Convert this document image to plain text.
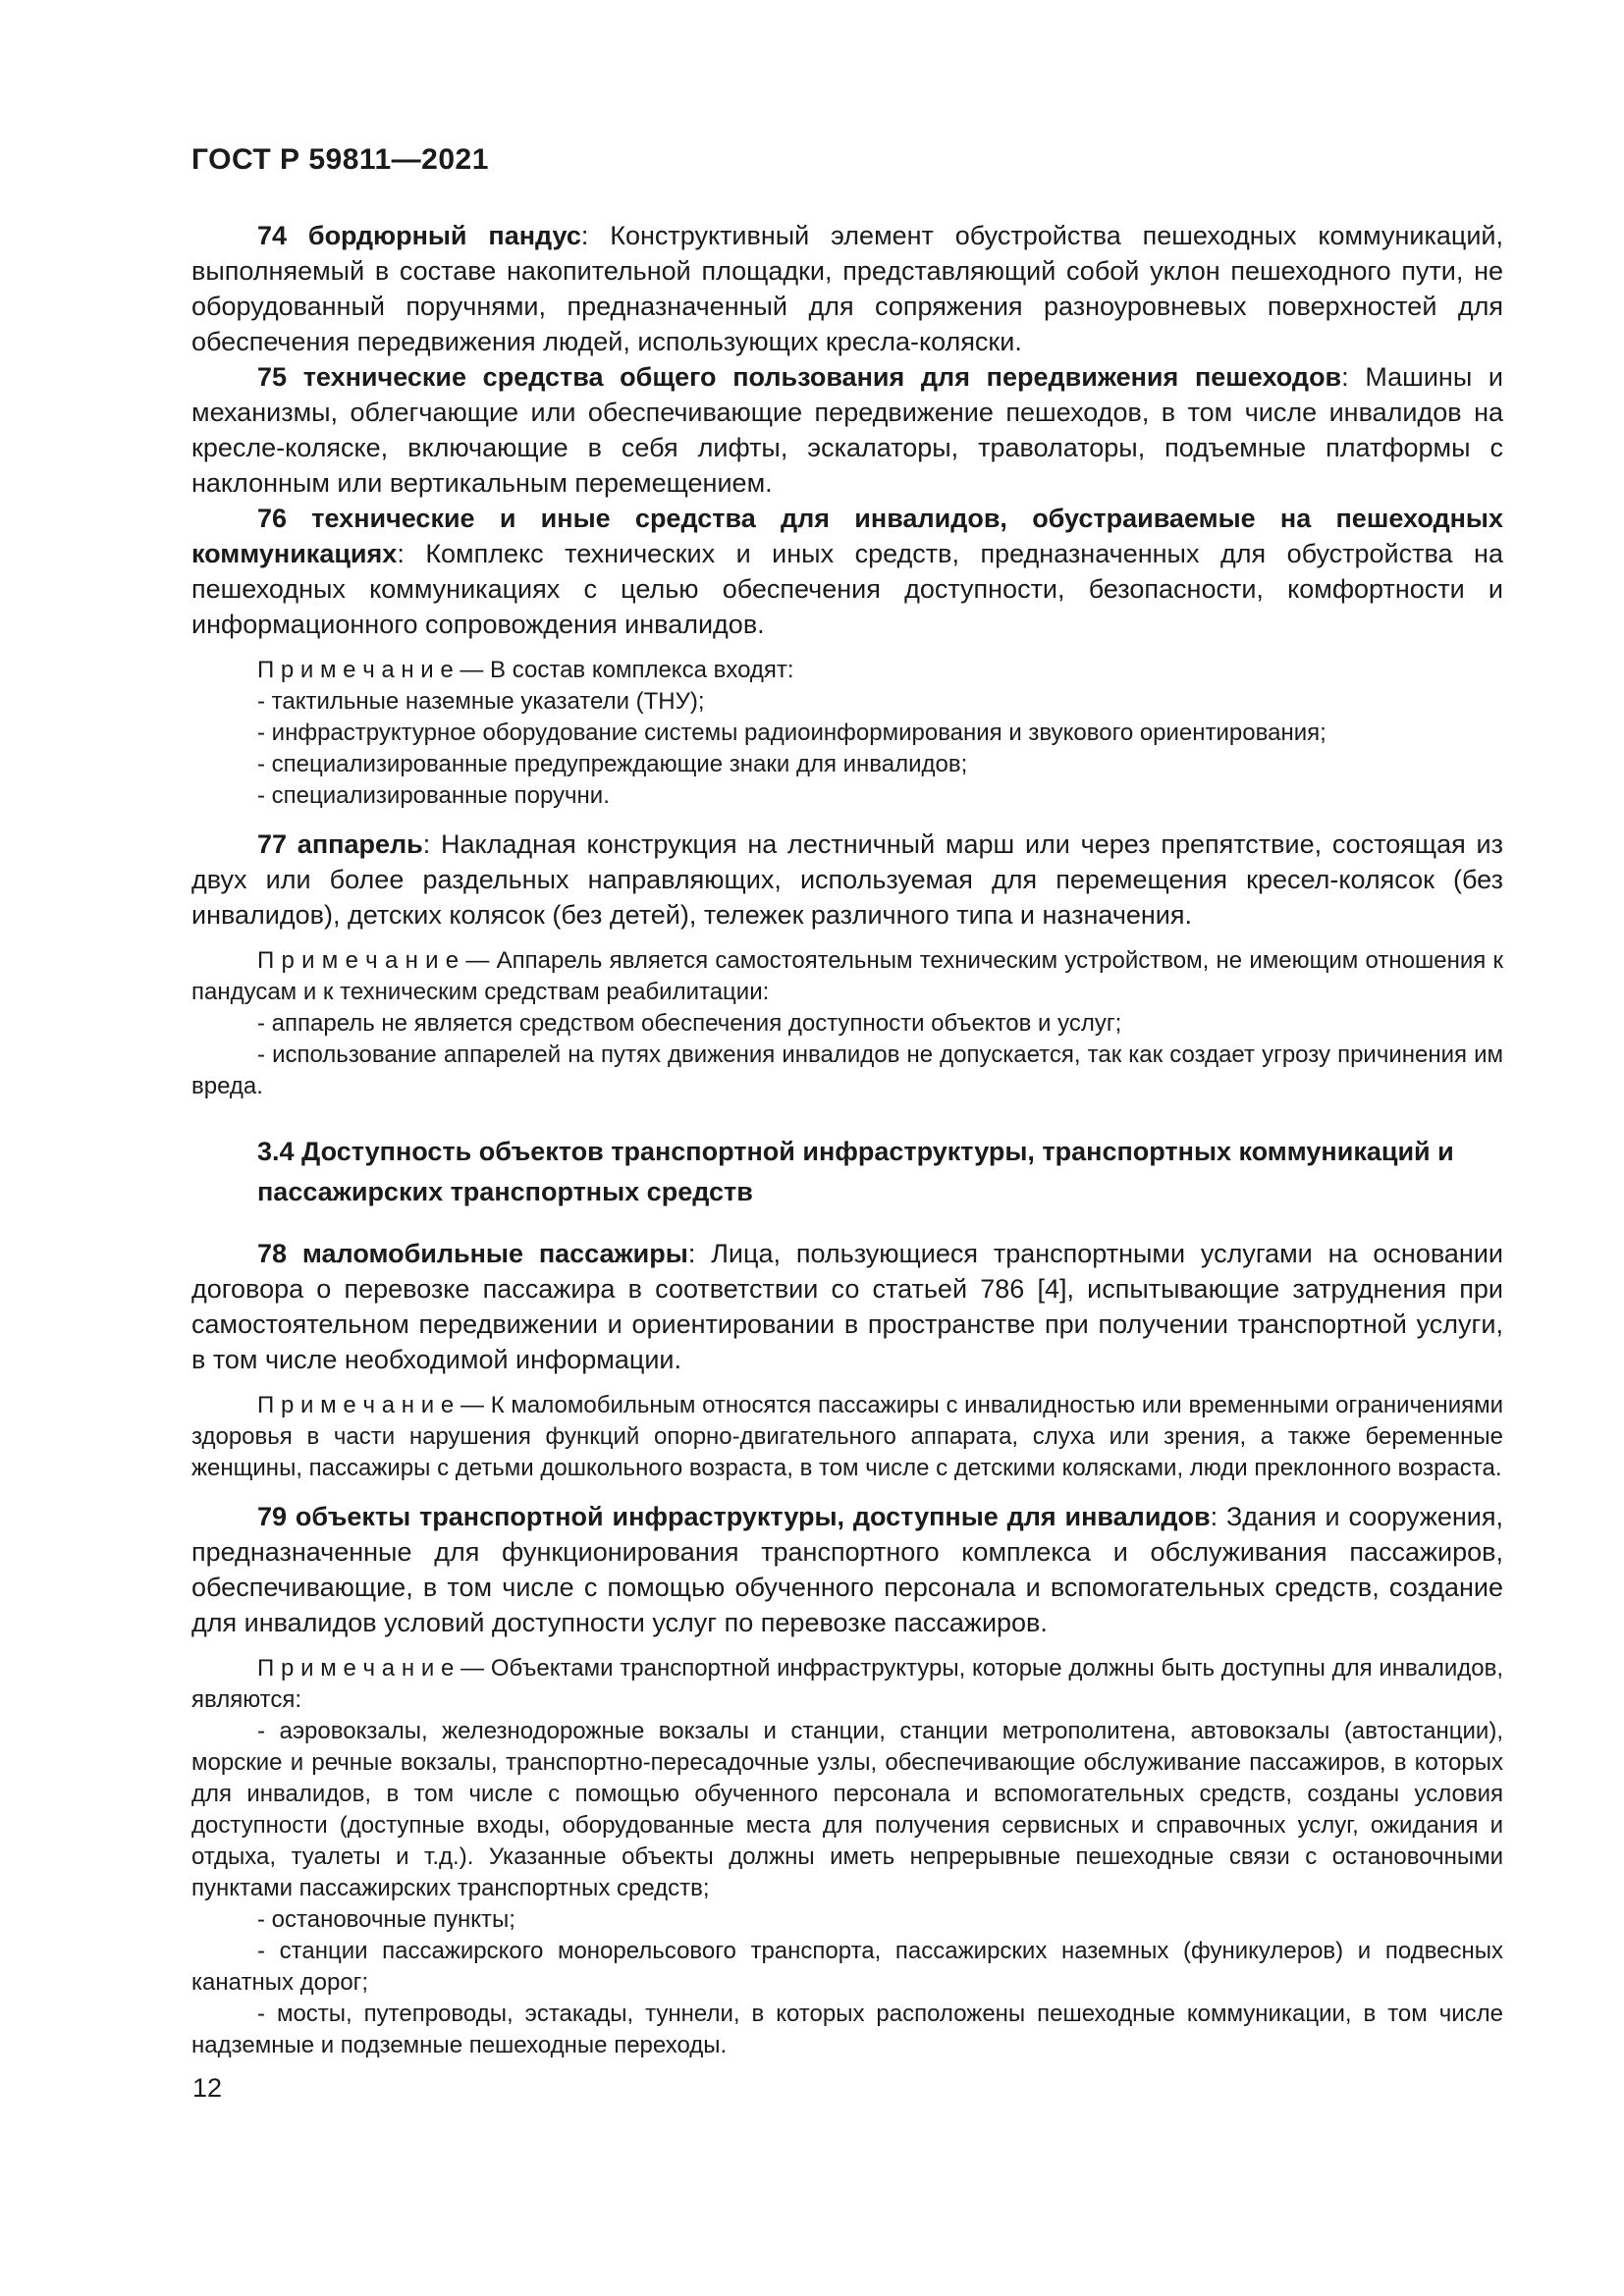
ГОСТ Р 59811—2021

74 бордюрный пандус: Конструктивный элемент обустройства пешеходных коммуникаций, выполняемый в составе накопительной площадки, представляющий собой уклон пешеходного пути, не оборудованный поручнями, предназначенный для сопряжения разноуровневых поверхностей для обеспечения передвижения людей, использующих кресла-коляски.

75 технические средства общего пользования для передвижения пешеходов: Машины и механизмы, облегчающие или обеспечивающие передвижение пешеходов, в том числе инвалидов на кресле-коляске, включающие в себя лифты, эскалаторы, траволаторы, подъемные платформы с наклонным или вертикальным перемещением.

76 технические и иные средства для инвалидов, обустраиваемые на пешеходных коммуникациях: Комплекс технических и иных средств, предназначенных для обустройства на пешеходных коммуникациях с целью обеспечения доступности, безопасности, комфортности и информационного сопровождения инвалидов.

П р и м е ч а н и е — В состав комплекса входят:

- тактильные наземные указатели (ТНУ);

- инфраструктурное оборудование системы радиоинформирования и звукового ориентирования;

- специализированные предупреждающие знаки для инвалидов;

- специализированные поручни.

77 аппарель: Накладная конструкция на лестничный марш или через препятствие, состоящая из двух или более раздельных направляющих, используемая для перемещения кресел-колясок (без инвалидов), детских колясок (без детей), тележек различного типа и назначения.

П р и м е ч а н и е — Аппарель является самостоятельным техническим устройством, не имеющим отношения к пандусам и к техническим средствам реабилитации:

- аппарель не является средством обеспечения доступности объектов и услуг;

- использование аппарелей на путях движения инвалидов не допускается, так как создает угрозу причинения им вреда.

3.4 Доступность объектов транспортной инфраструктуры, транспортных коммуникаций и пассажирских транспортных средств

78 маломобильные пассажиры: Лица, пользующиеся транспортными услугами на основании договора о перевозке пассажира в соответствии со статьей 786 [4], испытывающие затруднения при самостоятельном передвижении и ориентировании в пространстве при получении транспортной услуги, в том числе необходимой информации.

П р и м е ч а н и е — К маломобильным относятся пассажиры с инвалидностью или временными ограничениями здоровья в части нарушения функций опорно-двигательного аппарата, слуха или зрения, а также беременные женщины, пассажиры с детьми дошкольного возраста, в том числе с детскими колясками, люди преклонного возраста.

79 объекты транспортной инфраструктуры, доступные для инвалидов: Здания и сооружения, предназначенные для функционирования транспортного комплекса и обслуживания пассажиров, обеспечивающие, в том числе с помощью обученного персонала и вспомогательных средств, создание для инвалидов условий доступности услуг по перевозке пассажиров.

П р и м е ч а н и е — Объектами транспортной инфраструктуры, которые должны быть доступны для инвалидов, являются:

- аэровокзалы, железнодорожные вокзалы и станции, станции метрополитена, автовокзалы (автостанции), морские и речные вокзалы, транспортно-пересадочные узлы, обеспечивающие обслуживание пассажиров, в которых для инвалидов, в том числе с помощью обученного персонала и вспомогательных средств, созданы условия доступности (доступные входы, оборудованные места для получения сервисных и справочных услуг, ожидания и отдыха, туалеты и т.д.). Указанные объекты должны иметь непрерывные пешеходные связи с остановочными пунктами пассажирских транспортных средств;

- остановочные пункты;

- станции пассажирского монорельсового транспорта, пассажирских наземных (фуникулеров) и подвесных канатных дорог;

- мосты, путепроводы, эстакады, туннели, в которых расположены пешеходные коммуникации, в том числе надземные и подземные пешеходные переходы.

12
